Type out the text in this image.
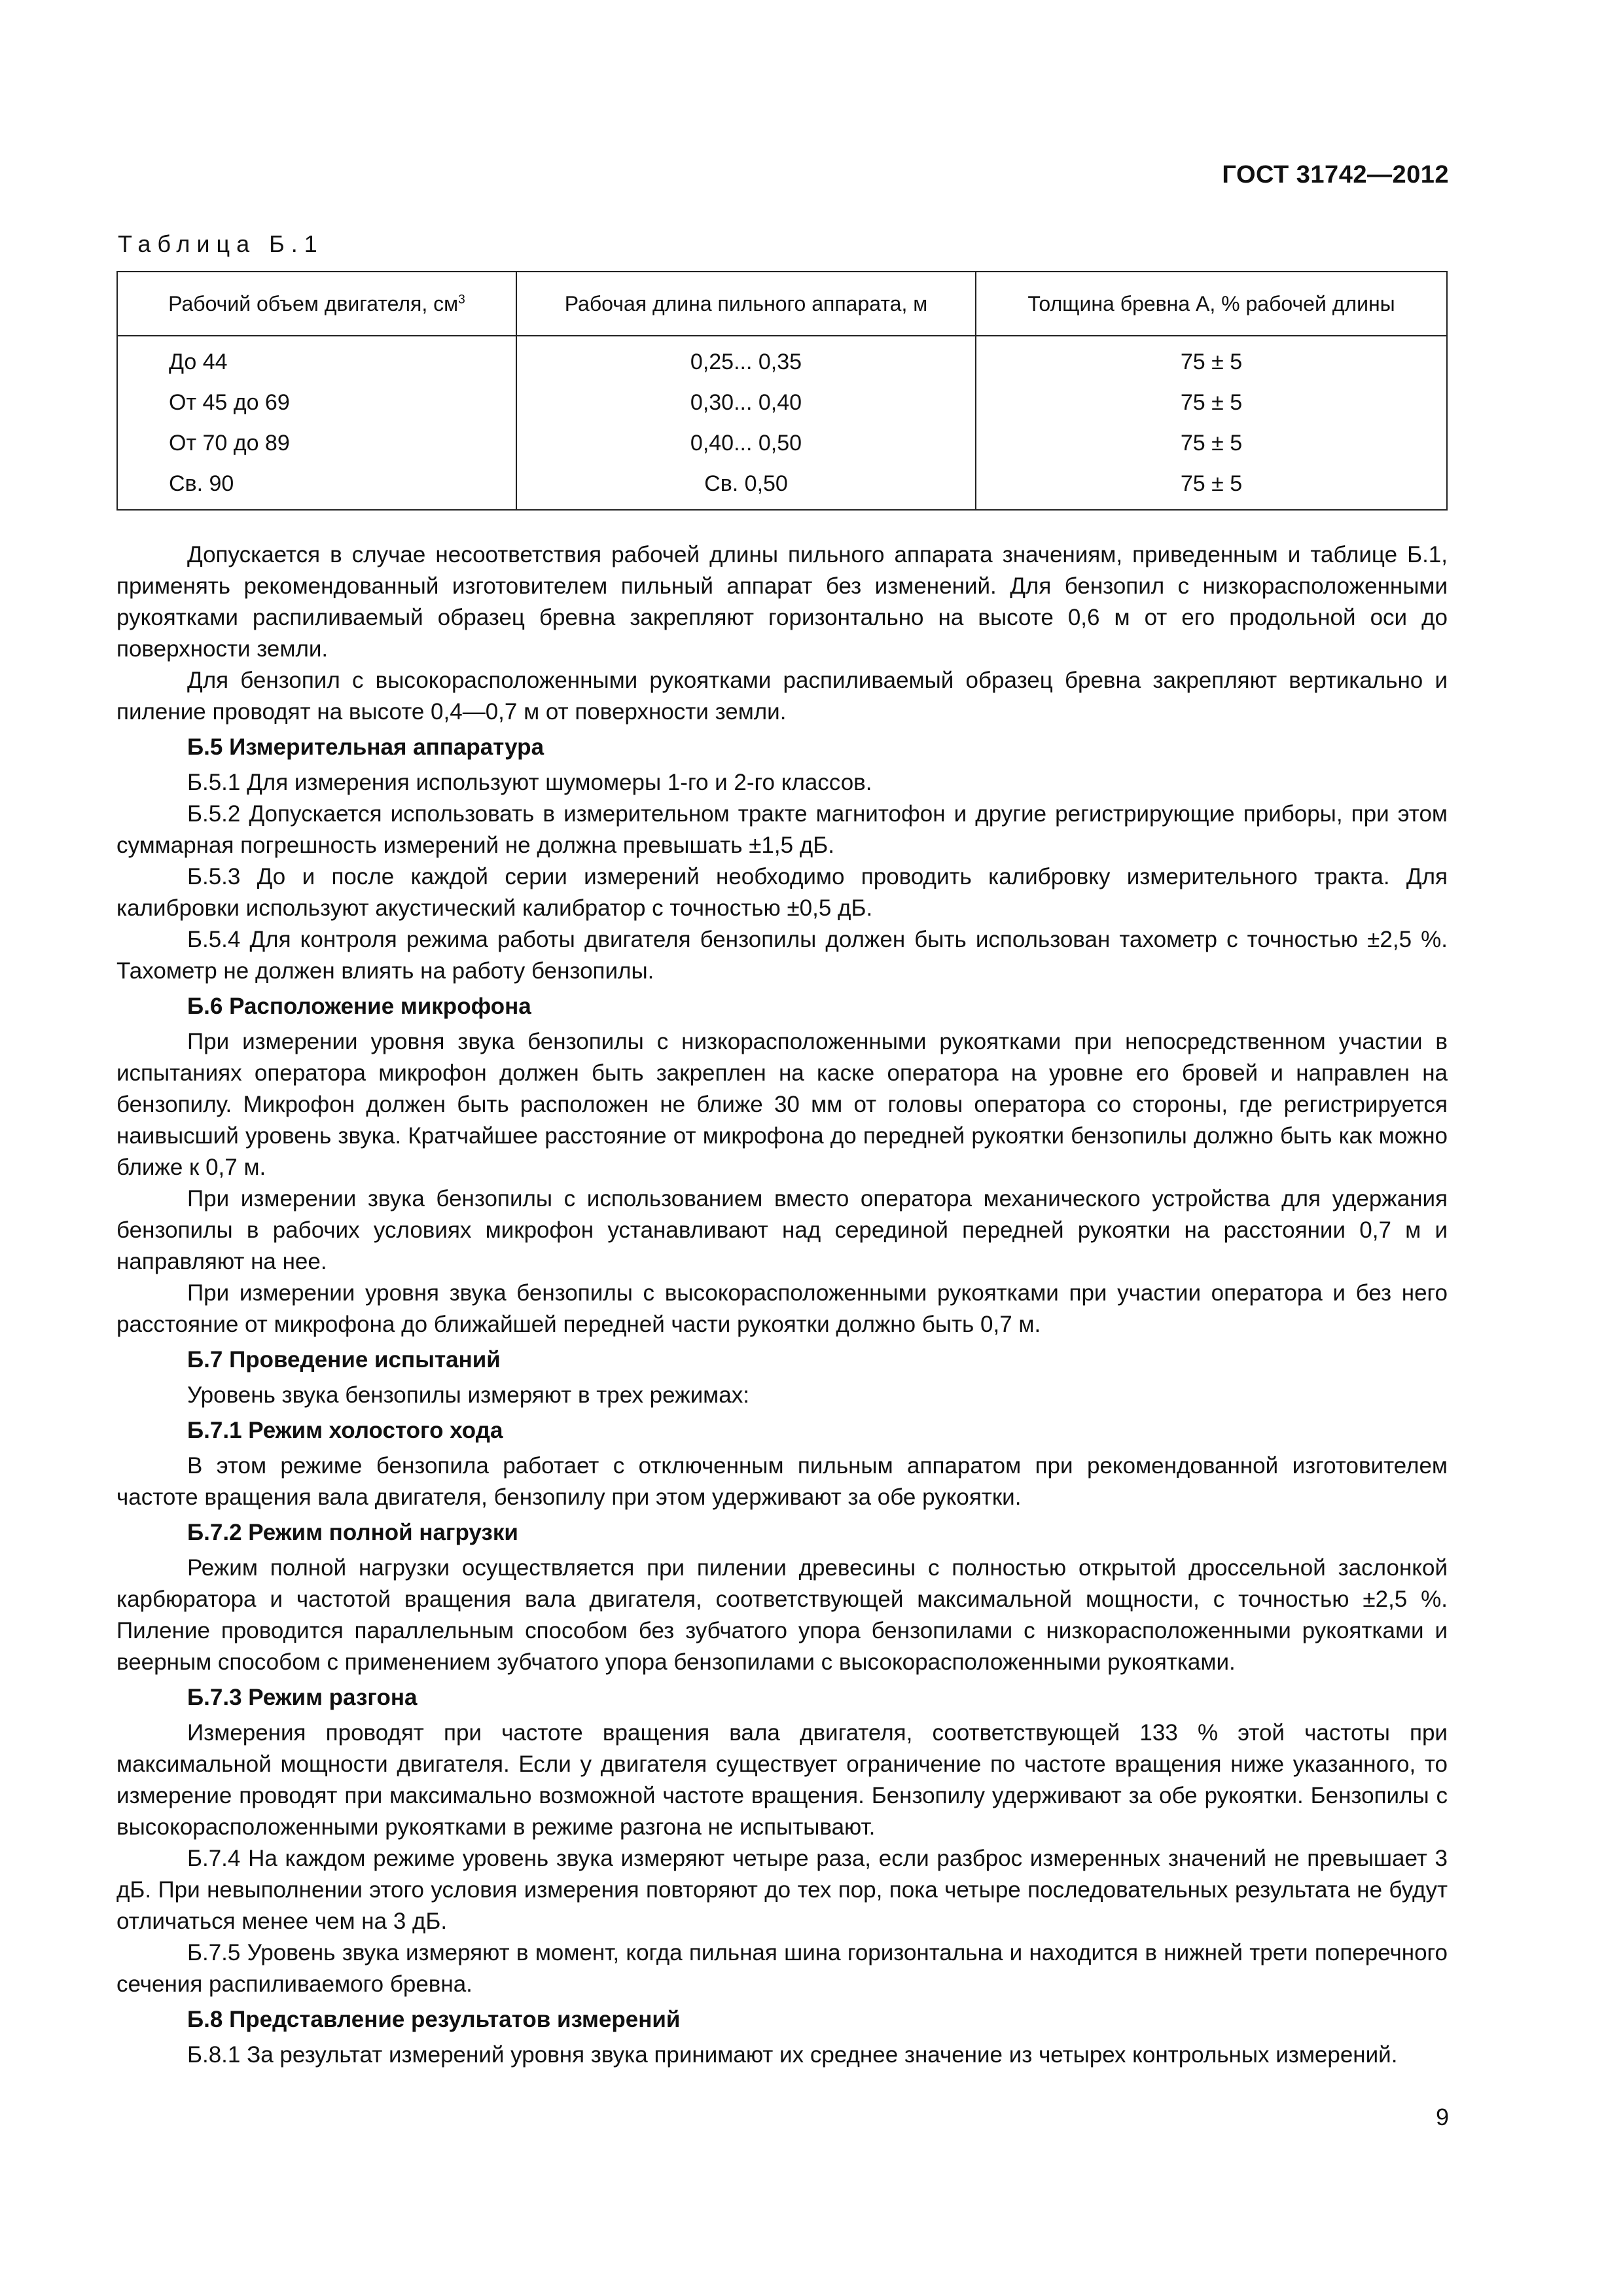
ГОСТ 31742—2012
Таблица Б.1
Рабочий объем двигателя, $см^3$	Рабочая длина пильного аппарата, м	Толщина бревна А, % рабочей длины
До 44	0,25... 0,35	75 ± 5
От 45 до 69	0,30... 0,40	75 ± 5
От 70 до 89	0,40... 0,50	75 ± 5
Св. 90	Св. 0,50	75 ± 5

Допускается в случае несоответствия рабочей длины пильного аппарата значениям, приведенным и таблице Б.1, применять рекомендованный изготовителем пильный аппарат без изменений. Для бензопил с низкорасположенными рукоятками распиливаемый образец бревна закрепляют горизонтально на высоте 0,6 м от его продольной оси до поверхности земли.

Для бензопил с высокорасположенными рукоятками распиливаемый образец бревна закрепляют вертикально и пиление проводят на высоте 0,4—0,7 м от поверхности земли.

Б.5 Измерительная аппаратура

Б.5.1 Для измерения используют шумомеры 1-го и 2-го классов.

Б.5.2 Допускается использовать в измерительном тракте магнитофон и другие регистрирующие приборы, при этом суммарная погрешность измерений не должна превышать ±1,5 дБ.

Б.5.3 До и после каждой серии измерений необходимо проводить калибровку измерительного тракта. Для калибровки используют акустический калибратор с точностью ±0,5 дБ.

Б.5.4 Для контроля режима работы двигателя бензопилы должен быть использован тахометр с точностью ±2,5 %. Тахометр не должен влиять на работу бензопилы.

Б.6 Расположение микрофона

При измерении уровня звука бензопилы с низкорасположенными рукоятками при непосредственном участии в испытаниях оператора микрофон должен быть закреплен на каске оператора на уровне его бровей и направлен на бензопилу. Микрофон должен быть расположен не ближе 30 мм от головы оператора со стороны, где регистрируется наивысший уровень звука. Кратчайшее расстояние от микрофона до передней рукоятки бензопилы должно быть как можно ближе к 0,7 м.

При измерении звука бензопилы с использованием вместо оператора механического устройства для удержания бензопилы в рабочих условиях микрофон устанавливают над серединой передней рукоятки на расстоянии 0,7 м и направляют на нее.

При измерении уровня звука бензопилы с высокорасположенными рукоятками при участии оператора и без него расстояние от микрофона до ближайшей передней части рукоятки должно быть 0,7 м.

Б.7 Проведение испытаний

Уровень звука бензопилы измеряют в трех режимах:

Б.7.1 Режим холостого хода

В этом режиме бензопила работает с отключенным пильным аппаратом при рекомендованной изготовителем частоте вращения вала двигателя, бензопилу при этом удерживают за обе рукоятки.

Б.7.2 Режим полной нагрузки

Режим полной нагрузки осуществляется при пилении древесины с полностью открытой дроссельной заслонкой карбюратора и частотой вращения вала двигателя, соответствующей максимальной мощности, с точностью ±2,5 %. Пиление проводится параллельным способом без зубчатого упора бензопилами с низкорасположенными рукоятками и веерным способом с применением зубчатого упора бензопилами с высокорасположенными рукоятками.

Б.7.3 Режим разгона

Измерения проводят при частоте вращения вала двигателя, соответствующей 133 % этой частоты при максимальной мощности двигателя. Если у двигателя существует ограничение по частоте вращения ниже указанного, то измерение проводят при максимально возможной частоте вращения. Бензопилу удерживают за обе рукоятки. Бензопилы с высокорасположенными рукоятками в режиме разгона не испытывают.

Б.7.4 На каждом режиме уровень звука измеряют четыре раза, если разброс измеренных значений не превышает 3 дБ. При невыполнении этого условия измерения повторяют до тех пор, пока четыре последовательных результата не будут отличаться менее чем на 3 дБ.

Б.7.5 Уровень звука измеряют в момент, когда пильная шина горизонтальна и находится в нижней трети поперечного сечения распиливаемого бревна.

Б.8 Представление результатов измерений

Б.8.1 За результат измерений уровня звука принимают их среднее значение из четырех контрольных измерений.

9
